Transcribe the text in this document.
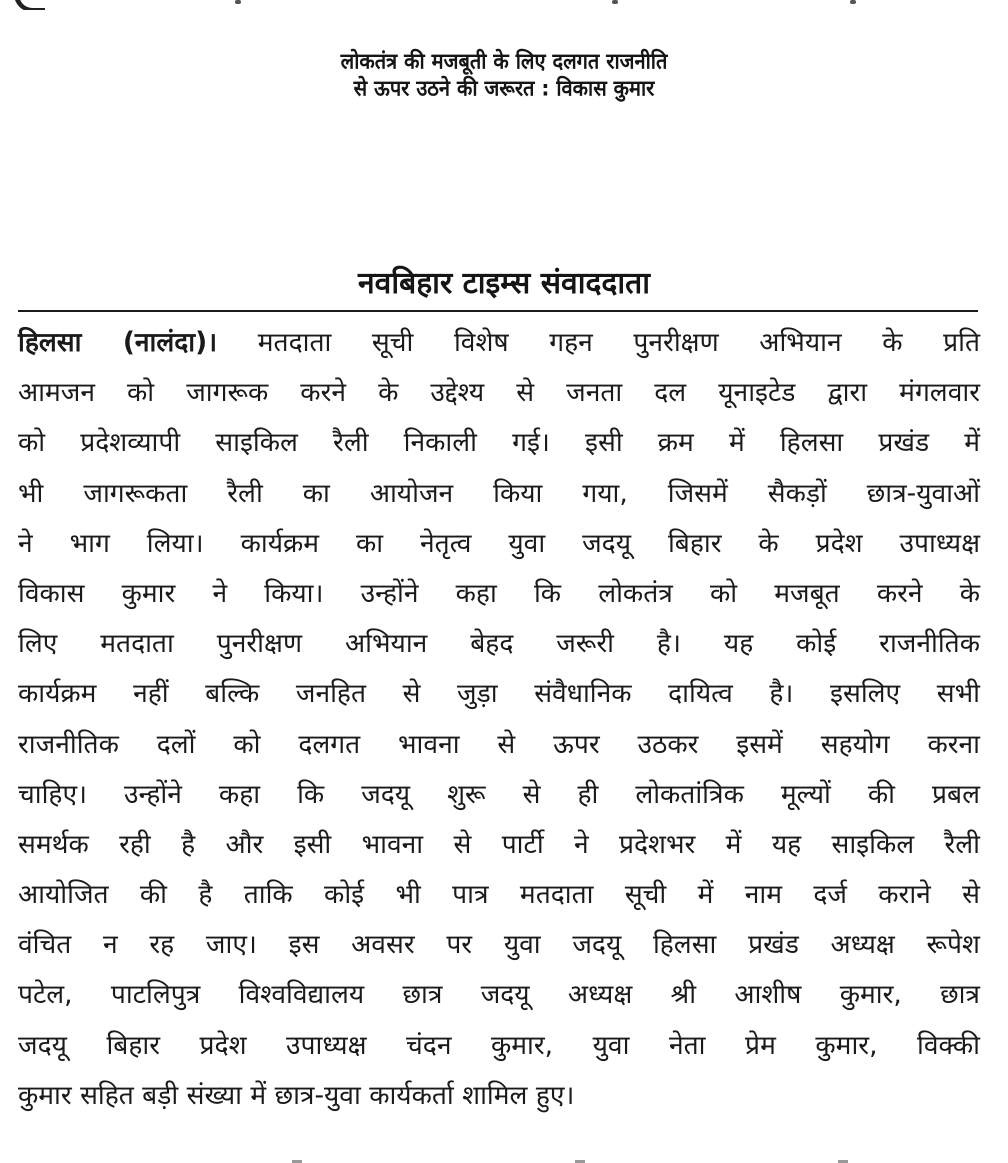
लोकतंत्र की मजबूती के लिए दलगत राजनीति
से ऊपर उठने की जरूरत : विकास कुमार
नवबिहार टाइम्स संवाददाता
हिलसा (नालंदा)। मतदाता सूची विशेष गहन पुनरीक्षण अभियान के प्रति
आमजन को जागरूक करने के उद्देश्य से जनता दल यूनाइटेड द्वारा मंगलवार
को प्रदेशव्यापी साइकिल रैली निकाली गई। इसी क्रम में हिलसा प्रखंड में
भी जागरूकता रैली का आयोजन किया गया, जिसमें सैकड़ों छात्र-युवाओं
ने भाग लिया। कार्यक्रम का नेतृत्व युवा जदयू बिहार के प्रदेश उपाध्यक्ष
विकास कुमार ने किया। उन्होंने कहा कि लोकतंत्र को मजबूत करने के
लिए मतदाता पुनरीक्षण अभियान बेहद जरूरी है। यह कोई राजनीतिक
कार्यक्रम नहीं बल्कि जनहित से जुड़ा संवैधानिक दायित्व है। इसलिए सभी
राजनीतिक दलों को दलगत भावना से ऊपर उठकर इसमें सहयोग करना
चाहिए। उन्होंने कहा कि जदयू शुरू से ही लोकतांत्रिक मूल्यों की प्रबल
समर्थक रही है और इसी भावना से पार्टी ने प्रदेशभर में यह साइकिल रैली
आयोजित की है ताकि कोई भी पात्र मतदाता सूची में नाम दर्ज कराने से
वंचित न रह जाए। इस अवसर पर युवा जदयू हिलसा प्रखंड अध्यक्ष रूपेश
पटेल, पाटलिपुत्र विश्वविद्यालय छात्र जदयू अध्यक्ष श्री आशीष कुमार, छात्र
जदयू बिहार प्रदेश उपाध्यक्ष चंदन कुमार, युवा नेता प्रेम कुमार, विक्की
कुमार सहित बड़ी संख्या में छात्र-युवा कार्यकर्ता शामिल हुए।
